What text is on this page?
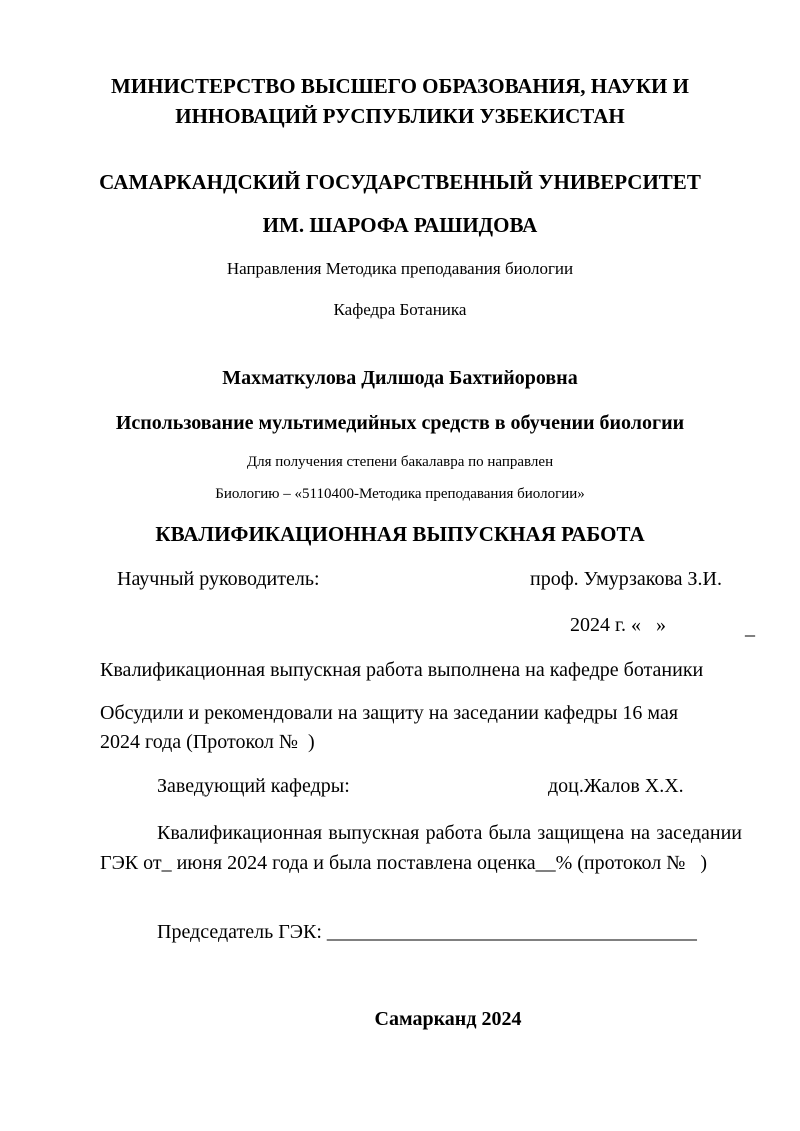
МИНИСТЕРСТВО ВЫСШЕГО ОБРАЗОВАНИЯ, НАУКИ И
ИННОВАЦИЙ РУСПУБЛИКИ УЗБЕКИСТАН
САМАРКАНДСКИЙ ГОСУДАРСТВЕННЫЙ УНИВЕРСИТЕТ
ИМ. ШАРОФА РАШИДОВА
Направления Методика преподавания биологии
Кафедра Ботаника
Махматкулова Дилшода Бахтийоровна
Использование мультимедийных средств в обучении биологии
Для получения степени бакалавра по направлен
Биологию – «5110400-Методика преподавания биологии»
КВАЛИФИКАЦИОННАЯ ВЫПУСКНАЯ РАБОТА
Научный руководитель:	проф. Умурзакова З.И.
2024 г. «   »	_
Квалификационная выпускная работа выполнена на кафедре ботаники
Обсудили и рекомендовали на защиту на заседании кафедры 16 мая
2024 года (Протокол №  )
Заведующий кафедры:	доц.Жалов Х.Х.
Квалификационная выпускная работа была защищена на заседании ГЭК от_ июня 2024 года и была поставлена оценка__% (протокол №   )
Председатель ГЭК: _____________________________________
Самарканд 2024
